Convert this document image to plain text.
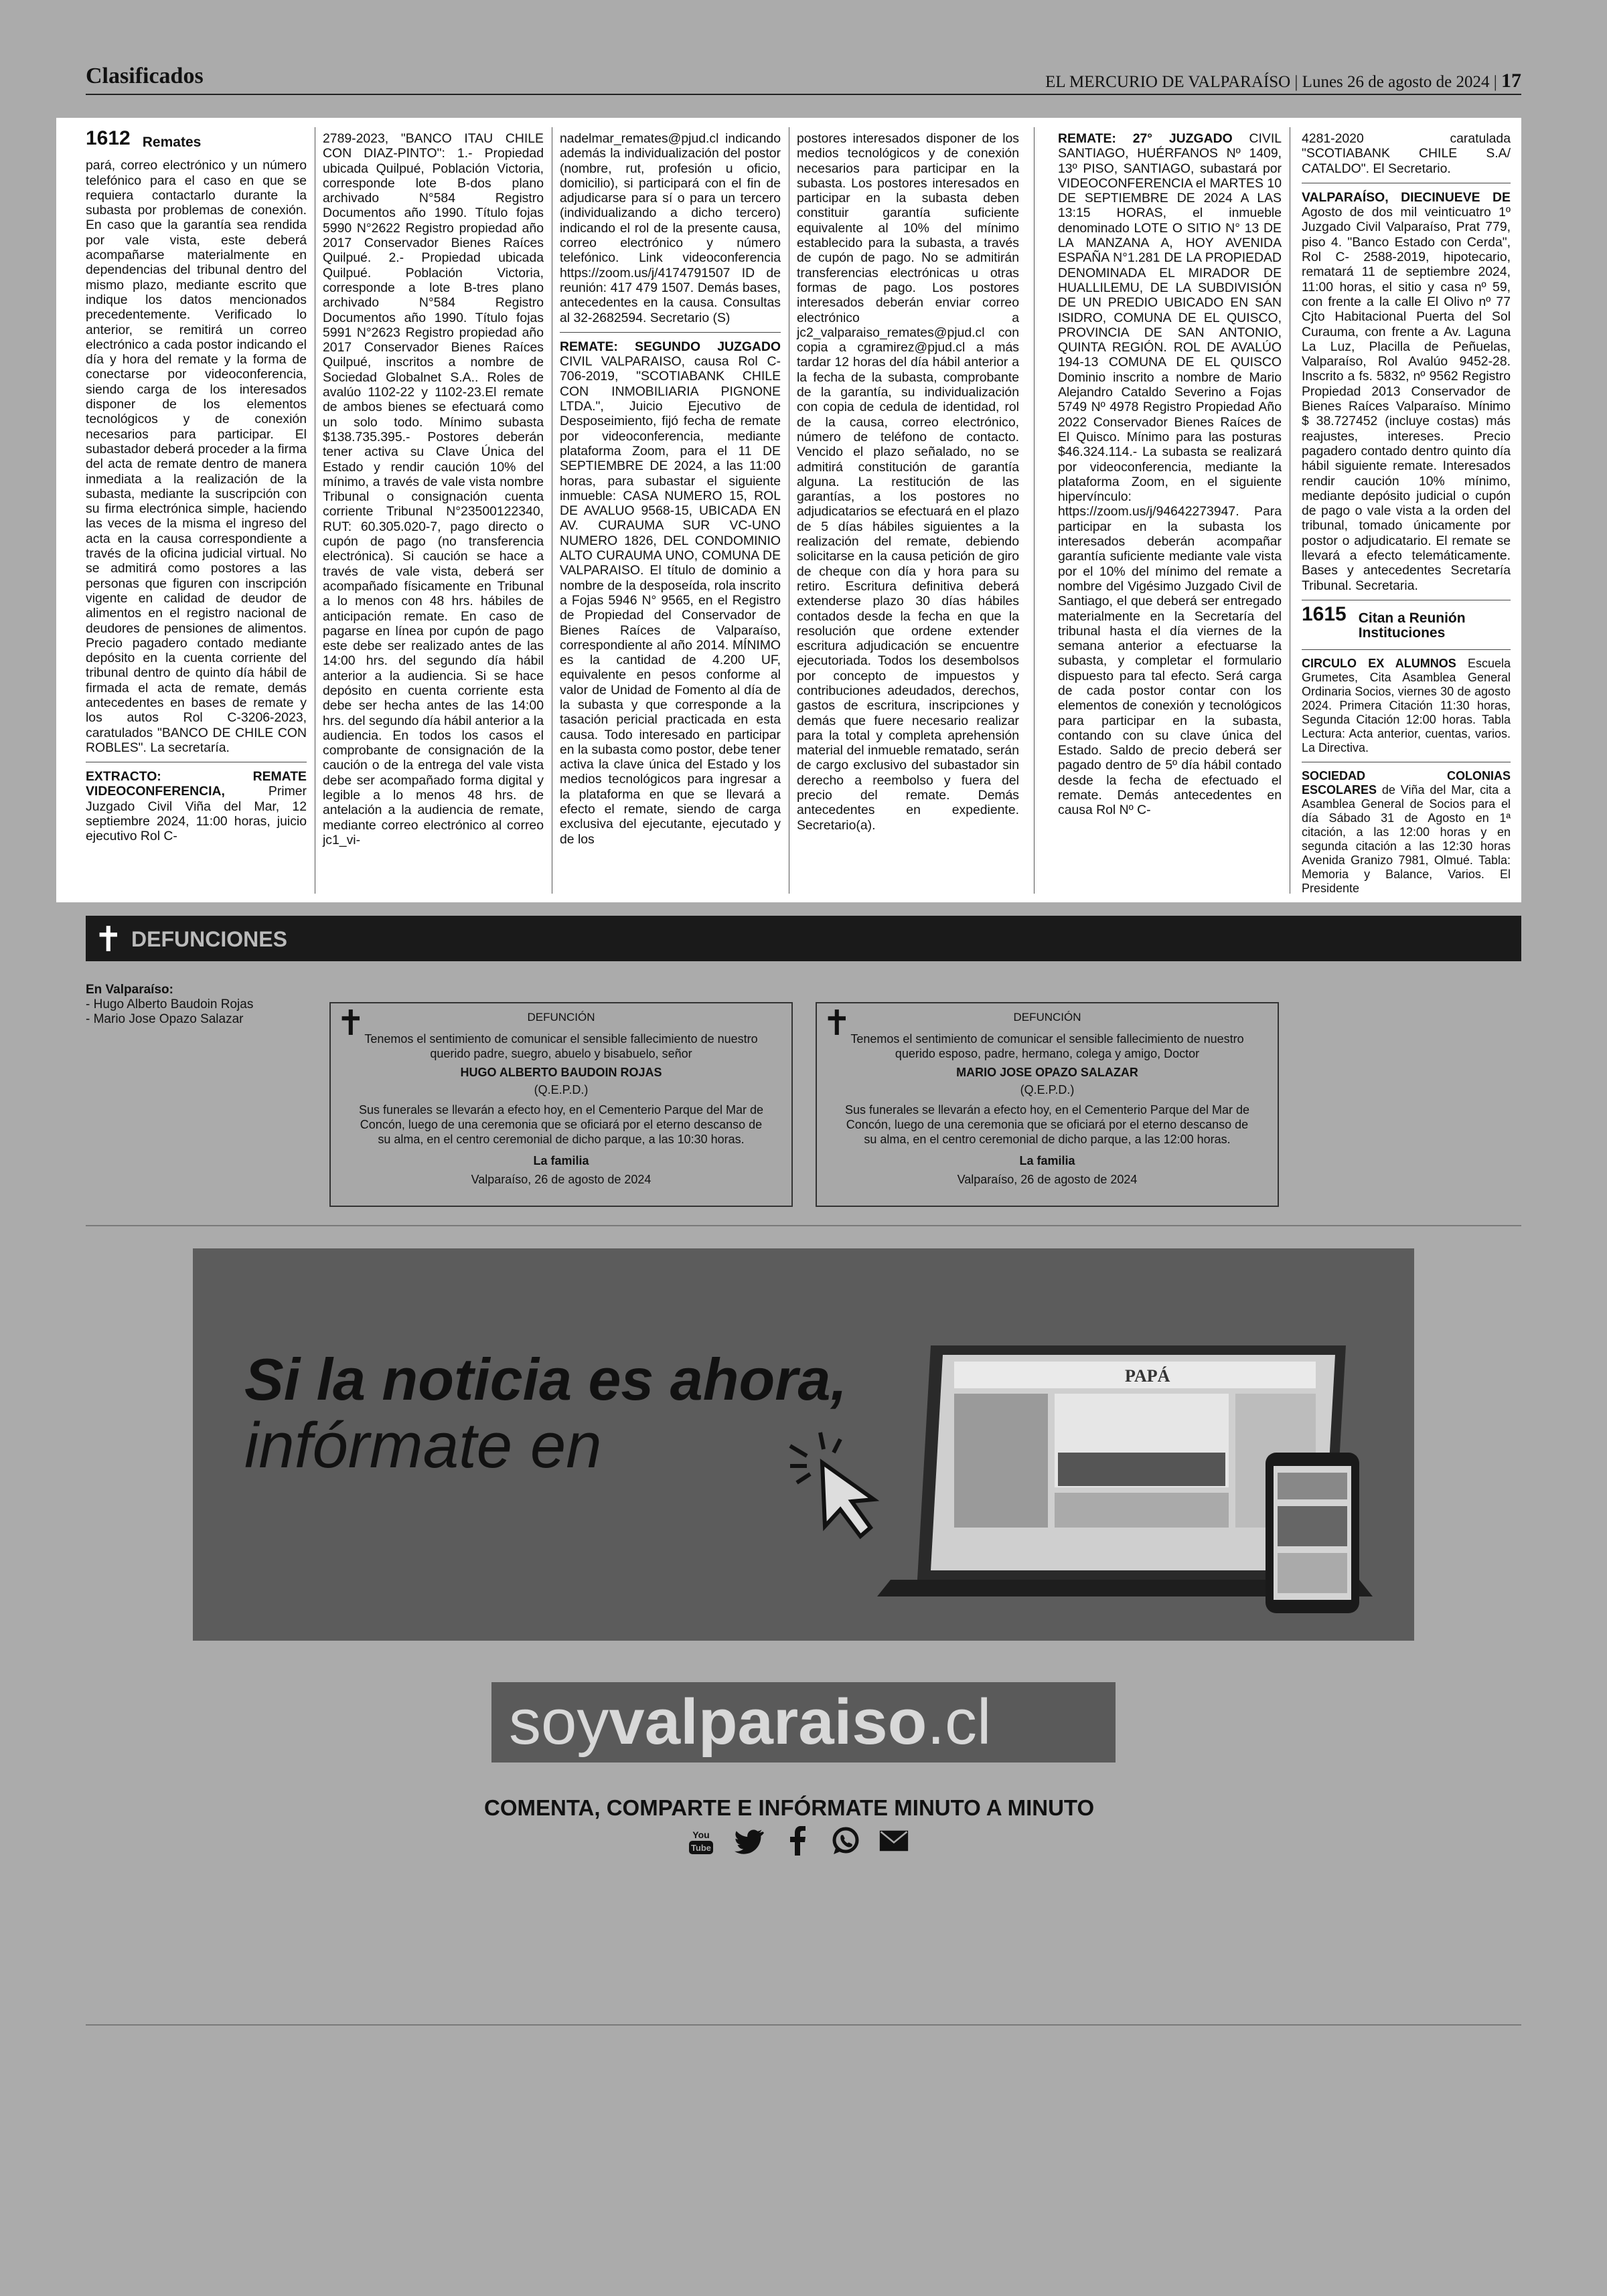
Clasificados	EL MERCURIO DE VALPARAÍSO | Lunes 26 de agosto de 2024 | 17
1612 Remates

pará, correo electrónico y un número telefónico para el caso en que se requiera contactarlo durante la subasta por problemas de conexión. En caso que la garantía sea rendida por vale vista, este deberá acompañarse materialmente en dependencias del tribunal dentro del mismo plazo, mediante escrito que indique los datos mencionados precedentemente. Verificado lo anterior, se remitirá un correo electrónico a cada postor indicando el día y hora del remate y la forma de conectarse por videoconferencia, siendo carga de los interesados disponer de los elementos tecnológicos y de conexión necesarios para participar. El subastador deberá proceder a la firma del acta de remate dentro de manera inmediata a la realización de la subasta, mediante la suscripción con su firma electrónica simple, haciendo las veces de la misma el ingreso del acta en la causa correspondiente a través de la oficina judicial virtual. No se admitirá como postores a las personas que figuren con inscripción vigente en calidad de deudor de alimentos en el registro nacional de deudores de pensiones de alimentos. Precio pagadero contado mediante depósito en la cuenta corriente del tribunal dentro de quinto día hábil de firmada el acta de remate, demás antecedentes en bases de remate y los autos Rol C-3206-2023, caratulados "BANCO DE CHILE CON ROBLES". La secretaría.

EXTRACTO: REMATE VIDEOCONFERENCIA, Primer Juzgado Civil Viña del Mar, 12 septiembre 2024, 11:00 horas, juicio ejecutivo Rol C-

2789-2023, "BANCO ITAU CHILE CON DIAZ-PINTO": 1.- Propiedad ubicada Quilpué, Población Victoria, corresponde lote B-dos plano archivado N°584 Registro Documentos año 1990. Título fojas 5990 N°2622 Registro propiedad año 2017 Conservador Bienes Raíces Quilpué. 2.- Propiedad ubicada Quilpué. Población Victoria, corresponde a lote B-tres plano archivado N°584 Registro Documentos año 1990. Título fojas 5991 N°2623 Registro propiedad año 2017 Conservador Bienes Raíces Quilpué, inscritos a nombre de Sociedad Globalnet S.A.. Roles de avalúo 1102-22 y 1102-23.El remate de ambos bienes se efectuará como un solo todo. Mínimo subasta $138.735.395.- Postores deberán tener activa su Clave Única del Estado y rendir caución 10% del mínimo, a través de vale vista nombre Tribunal o consignación cuenta corriente Tribunal N°23500122340, RUT: 60.305.020-7, pago directo o cupón de pago (no transferencia electrónica). Si caución se hace a través de vale vista, deberá ser acompañado físicamente en Tribunal a lo menos con 48 hrs. hábiles de anticipación remate. En caso de pagarse en línea por cupón de pago este debe ser realizado antes de las 14:00 hrs. del segundo día hábil anterior a la audiencia. Si se hace depósito en cuenta corriente esta debe ser hecha antes de las 14:00 hrs. del segundo día hábil anterior a la audiencia. En todos los casos el comprobante de consignación de la caución o de la entrega del vale vista debe ser acompañado forma digital y legible a lo menos 48 hrs. de antelación a la audiencia de remate, mediante correo electrónico al correo jc1_vi-

nadelmar_remates@pjud.cl indicando además la individualización del postor (nombre, rut, profesión u oficio, domicilio), si participará con el fin de adjudicarse para sí o para un tercero (individualizando a dicho tercero) indicando el rol de la presente causa, correo electrónico y número telefónico. Link videoconferencia https://zoom.us/j/4174791507 ID de reunión: 417 479 1507. Demás bases, antecedentes en la causa. Consultas al 32-2682594. Secretario (S)

REMATE: SEGUNDO JUZGADO CIVIL VALPARAISO, causa Rol C-706-2019, "SCOTIABANK CHILE CON INMOBILIARIA PIGNONE LTDA.", Juicio Ejecutivo de Desposeimiento, fijó fecha de remate por videoconferencia, mediante plataforma Zoom, para el 11 DE SEPTIEMBRE DE 2024, a las 11:00 horas, para subastar el siguiente inmueble: CASA NUMERO 15, ROL DE AVALUO 9568-15, UBICADA EN AV. CURAUMA SUR VC-UNO NUMERO 1826, DEL CONDOMINIO ALTO CURAUMA UNO, COMUNA DE VALPARAISO. El título de dominio a nombre de la desposeída, rola inscrito a Fojas 5946 N° 9565, en el Registro de Propiedad del Conservador de Bienes Raíces de Valparaíso, correspondiente al año 2014. MÍNIMO es la cantidad de 4.200 UF, equivalente en pesos conforme al valor de Unidad de Fomento al día de la subasta y que corresponde a la tasación pericial practicada en esta causa. Todo interesado en participar en la subasta como postor, debe tener activa la clave única del Estado y los medios tecnológicos para ingresar a la plataforma en que se llevará a efecto el remate, siendo de carga exclusiva del ejecutante, ejecutado y de los

postores interesados disponer de los medios tecnológicos y de conexión necesarios para participar en la subasta. Los postores interesados en participar en la subasta deben constituir garantía suficiente equivalente al 10% del mínimo establecido para la subasta, a través de cupón de pago. No se admitirán transferencias electrónicas u otras formas de pago. Los postores interesados deberán enviar correo electrónico a jc2_valparaiso_remates@pjud.cl con copia a cgramirez@pjud.cl a más tardar 12 horas del día hábil anterior a la fecha de la subasta, comprobante de la garantía, su individualización con copia de cedula de identidad, rol de la causa, correo electrónico, número de teléfono de contacto. Vencido el plazo señalado, no se admitirá constitución de garantía alguna. La restitución de las garantías, a los postores no adjudicatarios se efectuará en el plazo de 5 días hábiles siguientes a la realización del remate, debiendo solicitarse en la causa petición de giro de cheque con día y hora para su retiro. Escritura definitiva deberá extenderse plazo 30 días hábiles contados desde la fecha en que la resolución que ordene extender escritura adjudicación se encuentre ejecutoriada. Todos los desembolsos por concepto de impuestos y contribuciones adeudados, derechos, gastos de escritura, inscripciones y demás que fuere necesario realizar para la total y completa aprehensión material del inmueble rematado, serán de cargo exclusivo del subastador sin derecho a reembolso y fuera del precio del remate. Demás antecedentes en expediente. Secretario(a).

REMATE: 27° JUZGADO CIVIL SANTIAGO, HUÉRFANOS Nº 1409, 13º PISO, SANTIAGO, subastará por VIDEOCONFERENCIA el MARTES 10 DE SEPTIEMBRE DE 2024 A LAS 13:15 HORAS, el inmueble denominado LOTE O SITIO N° 13 DE LA MANZANA A, HOY AVENIDA ESPAÑA N°1.281 DE LA PROPIEDAD DENOMINADA EL MIRADOR DE HUALLILEMU, DE LA SUBDIVISIÓN DE UN PREDIO UBICADO EN SAN ISIDRO, COMUNA DE EL QUISCO, PROVINCIA DE SAN ANTONIO, QUINTA REGIÓN. ROL DE AVALÚO 194-13 COMUNA DE EL QUISCO Dominio inscrito a nombre de Mario Alejandro Cataldo Severino a Fojas 5749 Nº 4978 Registro Propiedad Año 2022 Conservador Bienes Raíces de El Quisco. Mínimo para las posturas $46.324.114.- La subasta se realizará por videoconferencia, mediante la plataforma Zoom, en el siguiente hipervínculo: https://zoom.us/j/94642273947. Para participar en la subasta los interesados deberán acompañar garantía suficiente mediante vale vista por el 10% del mínimo del remate a nombre del Vigésimo Juzgado Civil de Santiago, el que deberá ser entregado materialmente en la Secretaría del tribunal hasta el día viernes de la semana anterior a efectuarse la subasta, y completar el formulario dispuesto para tal efecto. Será carga de cada postor contar con los elementos de conexión y tecnológicos para participar en la subasta, contando con su clave única del Estado. Saldo de precio deberá ser pagado dentro de 5º día hábil contado desde la fecha de efectuado el remate. Demás antecedentes en causa Rol Nº C-

4281-2020 caratulada "SCOTIABANK CHILE S.A/ CATALDO". El Secretario.

VALPARAÍSO, DIECINUEVE DE Agosto de dos mil veinticuatro 1º Juzgado Civil Valparaíso, Prat 779, piso 4. "Banco Estado con Cerda", Rol C- 2588-2019, hipotecario, rematará 11 de septiembre 2024, 11:00 horas, el sitio y casa nº 59, con frente a la calle El Olivo nº 77 Cjto Habitacional Puerta del Sol Curauma, con frente a Av. Laguna La Luz, Placilla de Peñuelas, Valparaíso, Rol Avalúo 9452-28. Inscrito a fs. 5832, nº 9562 Registro Propiedad 2013 Conservador de Bienes Raíces Valparaíso. Mínimo $ 38.727452 (incluye costas) más reajustes, intereses. Precio pagadero contado dentro quinto día hábil siguiente remate. Interesados rendir caución 10% mínimo, mediante depósito judicial o cupón de pago o vale vista a la orden del tribunal, tomado únicamente por postor o adjudicatario. El remate se llevará a efecto telemáticamente. Bases y antecedentes Secretaría Tribunal. Secretaria.

1615 Citan a Reunión
Instituciones

CIRCULO EX ALUMNOS Escuela Grumetes, Cita Asamblea General Ordinaria Socios, viernes 30 de agosto 2024. Primera Citación 11:30 horas, Segunda Citación 12:00 horas. Tabla Lectura: Acta anterior, cuentas, varios. La Directiva.

SOCIEDAD COLONIAS ESCOLARES de Viña del Mar, cita a Asamblea General de Socios para el día Sábado 31 de Agosto en 1ª citación, a las 12:00 horas y en segunda citación a las 12:30 horas Avenida Granizo 7981, Olmué. Tabla: Memoria y Balance, Varios. El Presidente

✝ DEFUNCIONES
En Valparaíso:
- Hugo Alberto Baudoin Rojas
- Mario Jose Opazo Salazar	✝	DEFUNCIÓN
Tenemos el sentimiento de comunicar el sensible fallecimiento de nuestro querido padre, suegro, abuelo y bisabuelo, señor
HUGO ALBERTO BAUDOIN ROJAS
(Q.E.P.D.)
Sus funerales se llevarán a efecto hoy, en el Cementerio Parque del Mar de Concón, luego de una ceremonia que se oficiará por el eterno descanso de su alma, en el centro ceremonial de dicho parque, a las 10:30 horas.
La familia
Valparaíso, 26 de agosto de 2024
✝	DEFUNCIÓN
Tenemos el sentimiento de comunicar el sensible fallecimiento de nuestro querido esposo, padre, hermano, colega y amigo, Doctor
MARIO JOSE OPAZO SALAZAR
(Q.E.P.D.)
Sus funerales se llevarán a efecto hoy, en el Cementerio Parque del Mar de Concón, luego de una ceremonia que se oficiará por el eterno descanso de su alma, en el centro ceremonial de dicho parque, a las 12:00 horas.
La familia
Valparaíso, 26 de agosto de 2024
Si la noticia es ahora,
infórmate en
PAPÁ
soyvalparaiso.cl
COMENTA, COMPARTE E INFÓRMATE MINUTO A MINUTO
You
Tube
